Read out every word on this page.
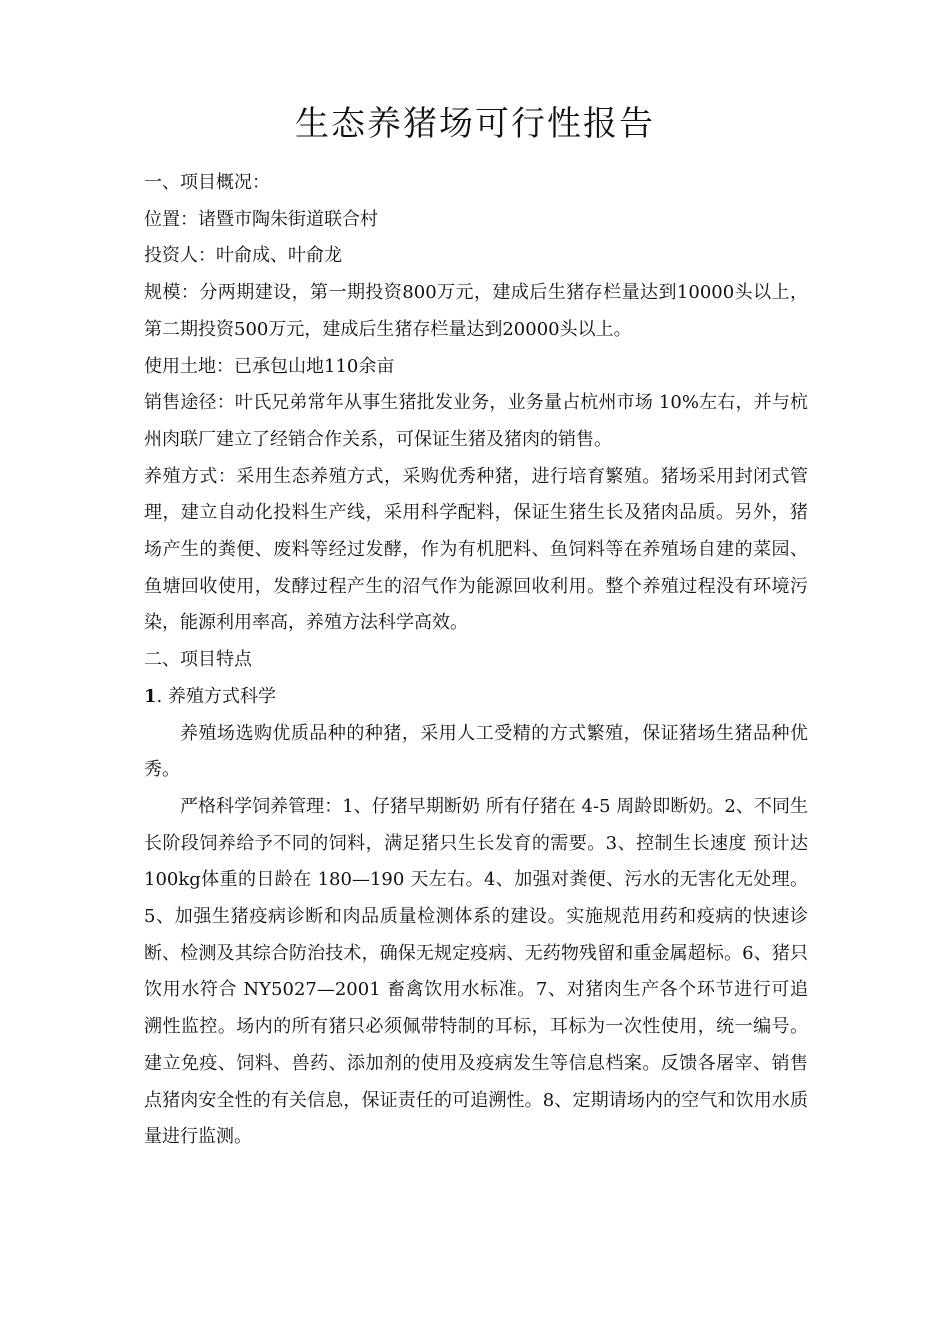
生态养猪场可行性报告

一、项目概况：

位置：诸暨市陶朱街道联合村

投资人：叶俞成、叶俞龙

规模：分两期建设，第一期投资800万元，建成后生猪存栏量达到10000头以上，第二期投资500万元，建成后生猪存栏量达到20000头以上。

使用土地：已承包山地110余亩

销售途径：叶氏兄弟常年从事生猪批发业务，业务量占杭州市场 10%左右，并与杭州肉联厂建立了经销合作关系，可保证生猪及猪肉的销售。

养殖方式：采用生态养殖方式，采购优秀种猪，进行培育繁殖。猪场采用封闭式管理，建立自动化投料生产线，采用科学配料，保证生猪生长及猪肉品质。另外，猪场产生的粪便、废料等经过发酵，作为有机肥料、鱼饲料等在养殖场自建的菜园、鱼塘回收使用，发酵过程产生的沼气作为能源回收利用。整个养殖过程没有环境污染，能源利用率高，养殖方法科学高效。

二、项目特点

1. 养殖方式科学

养殖场选购优质品种的种猪，采用人工受精的方式繁殖，保证猪场生猪品种优秀。

严格科学饲养管理：1、仔猪早期断奶 所有仔猪在 4-5 周龄即断奶。2、不同生长阶段饲养给予不同的饲料，满足猪只生长发育的需要。3、控制生长速度 预计达100kg体重的日龄在 180—190 天左右。4、加强对粪便、污水的无害化无处理。5、加强生猪疫病诊断和肉品质量检测体系的建设。实施规范用药和疫病的快速诊断、检测及其综合防治技术，确保无规定疫病、无药物残留和重金属超标。6、猪只饮用水符合 NY5027—2001 畜禽饮用水标准。7、对猪肉生产各个环节进行可追溯性监控。场内的所有猪只必须佩带特制的耳标，耳标为一次性使用，统一编号。建立免疫、饲料、兽药、添加剂的使用及疫病发生等信息档案。反馈各屠宰、销售点猪肉安全性的有关信息，保证责任的可追溯性。8、定期请场内的空气和饮用水质量进行监测。
